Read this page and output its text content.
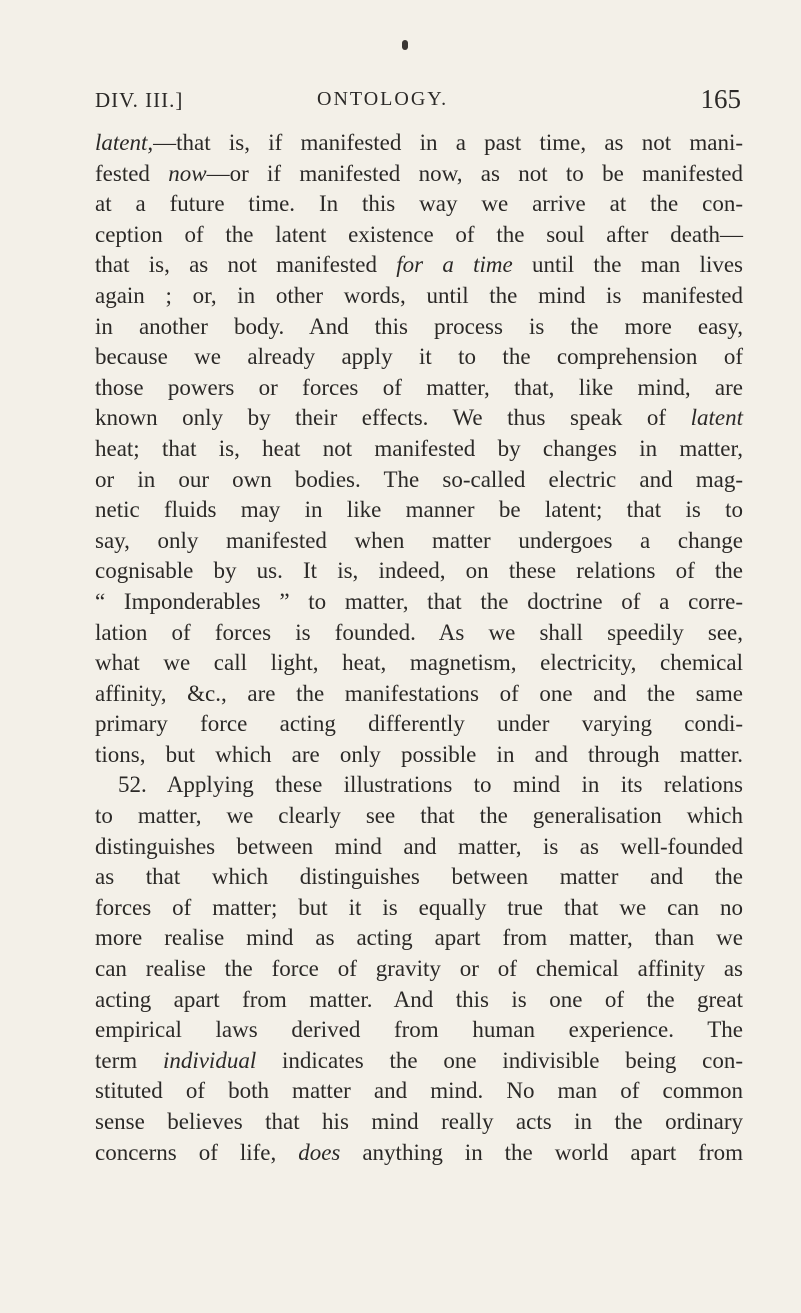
DIV. III.]	ONTOLOGY.	165
latent,—that is, if manifested in a past time, as not mani-
fested now—or if manifested now, as not to be manifested
at a future time. In this way we arrive at the con-
ception of the latent existence of the soul after death—
that is, as not manifested for a time until the man lives
again ; or, in other words, until the mind is manifested
in another body. And this process is the more easy,
because we already apply it to the comprehension of
those powers or forces of matter, that, like mind, are
known only by their effects. We thus speak of latent
heat; that is, heat not manifested by changes in matter,
or in our own bodies. The so-called electric and mag-
netic fluids may in like manner be latent; that is to
say, only manifested when matter undergoes a change
cognisable by us. It is, indeed, on these relations of the
“ Imponderables ” to matter, that the doctrine of a corre-
lation of forces is founded. As we shall speedily see,
what we call light, heat, magnetism, electricity, chemical
affinity, &c., are the manifestations of one and the same
primary force acting differently under varying condi-
tions, but which are only possible in and through matter.
52. Applying these illustrations to mind in its relations
to matter, we clearly see that the generalisation which
distinguishes between mind and matter, is as well-founded
as that which distinguishes between matter and the
forces of matter; but it is equally true that we can no
more realise mind as acting apart from matter, than we
can realise the force of gravity or of chemical affinity as
acting apart from matter. And this is one of the great
empirical laws derived from human experience. The
term individual indicates the one indivisible being con-
stituted of both matter and mind. No man of common
sense believes that his mind really acts in the ordinary
concerns of life, does anything in the world apart from
